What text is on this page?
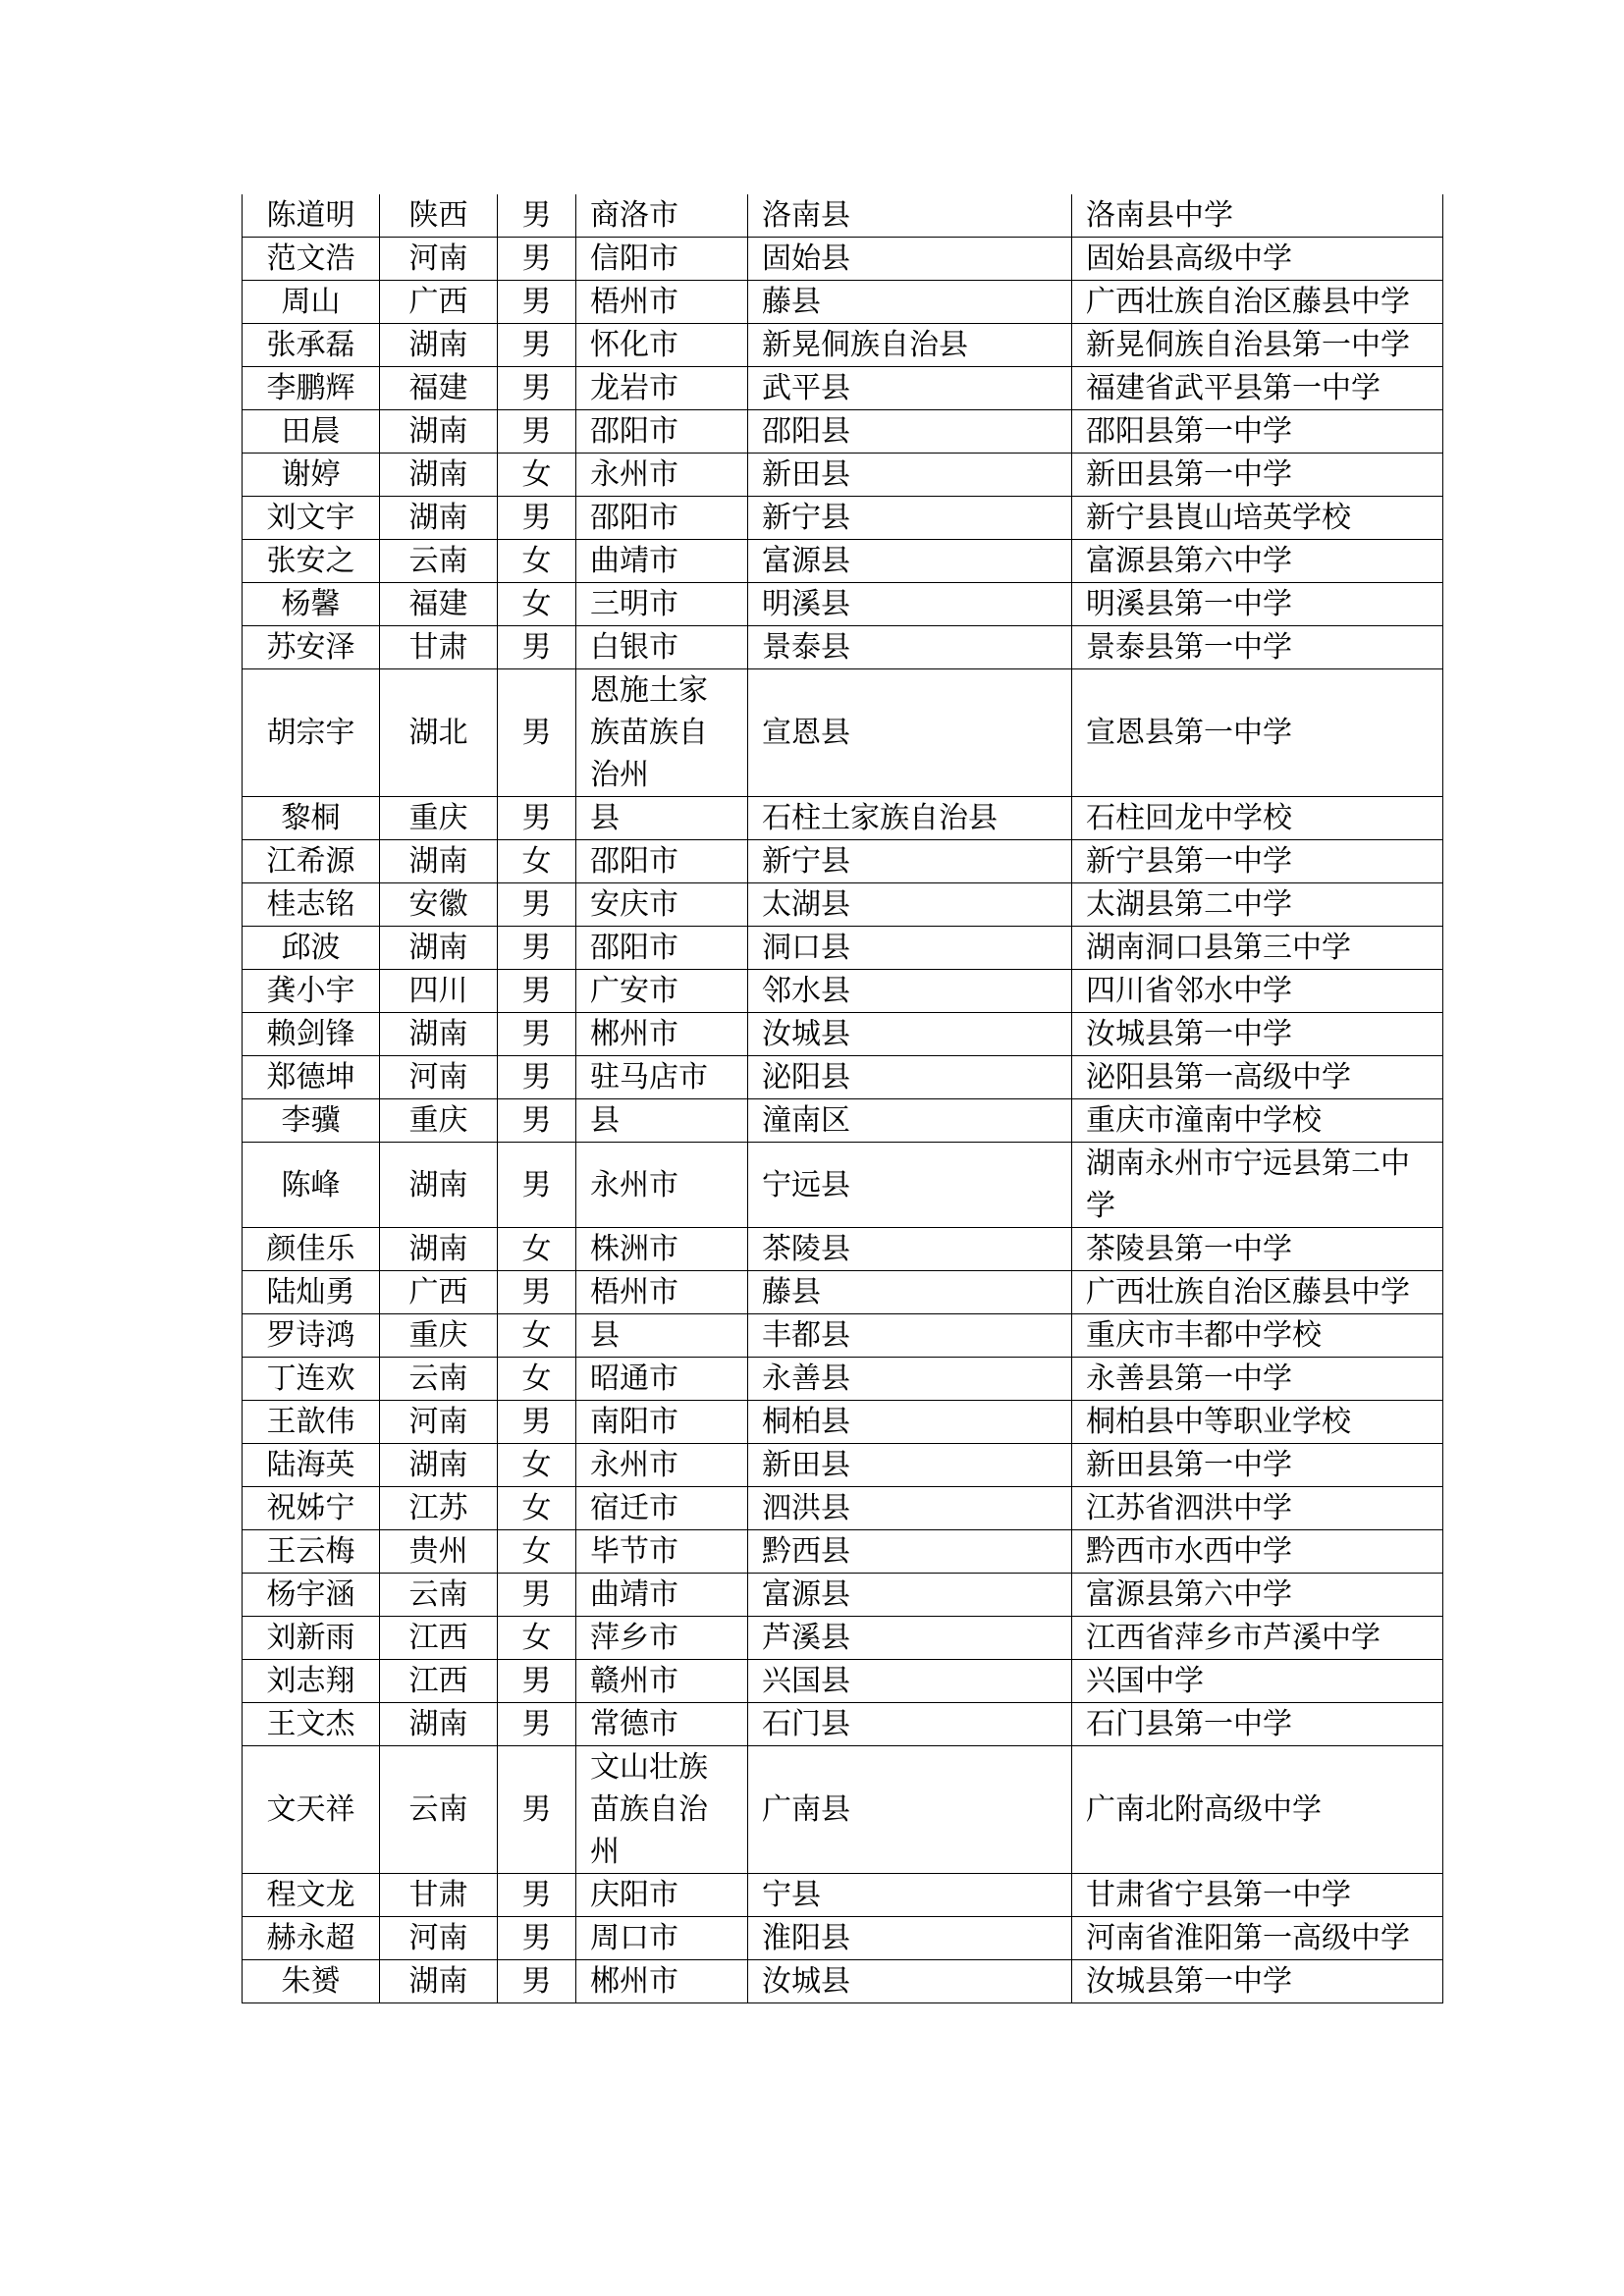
陈道明	陕西	男	商洛市	洛南县	洛南县中学
范文浩	河南	男	信阳市	固始县	固始县高级中学
周山	广西	男	梧州市	藤县	广西壮族自治区藤县中学
张承磊	湖南	男	怀化市	新晃侗族自治县	新晃侗族自治县第一中学
李鹏辉	福建	男	龙岩市	武平县	福建省武平县第一中学
田晨	湖南	男	邵阳市	邵阳县	邵阳县第一中学
谢婷	湖南	女	永州市	新田县	新田县第一中学
刘文宇	湖南	男	邵阳市	新宁县	新宁县崀山培英学校
张安之	云南	女	曲靖市	富源县	富源县第六中学
杨馨	福建	女	三明市	明溪县	明溪县第一中学
苏安泽	甘肃	男	白银市	景泰县	景泰县第一中学
胡宗宇	湖北	男	恩施土家族苗族自治州	宣恩县	宣恩县第一中学
黎桐	重庆	男	县	石柱土家族自治县	石柱回龙中学校
江希源	湖南	女	邵阳市	新宁县	新宁县第一中学
桂志铭	安徽	男	安庆市	太湖县	太湖县第二中学
邱波	湖南	男	邵阳市	洞口县	湖南洞口县第三中学
龚小宇	四川	男	广安市	邻水县	四川省邻水中学
赖剑锋	湖南	男	郴州市	汝城县	汝城县第一中学
郑德坤	河南	男	驻马店市	泌阳县	泌阳县第一高级中学
李骥	重庆	男	县	潼南区	重庆市潼南中学校
陈峰	湖南	男	永州市	宁远县	湖南永州市宁远县第二中学
颜佳乐	湖南	女	株洲市	茶陵县	茶陵县第一中学
陆灿勇	广西	男	梧州市	藤县	广西壮族自治区藤县中学
罗诗鸿	重庆	女	县	丰都县	重庆市丰都中学校
丁连欢	云南	女	昭通市	永善县	永善县第一中学
王歆伟	河南	男	南阳市	桐柏县	桐柏县中等职业学校
陆海英	湖南	女	永州市	新田县	新田县第一中学
祝姊宁	江苏	女	宿迁市	泗洪县	江苏省泗洪中学
王云梅	贵州	女	毕节市	黔西县	黔西市水西中学
杨宇涵	云南	男	曲靖市	富源县	富源县第六中学
刘新雨	江西	女	萍乡市	芦溪县	江西省萍乡市芦溪中学
刘志翔	江西	男	赣州市	兴国县	兴国中学
王文杰	湖南	男	常德市	石门县	石门县第一中学
文天祥	云南	男	文山壮族苗族自治州	广南县	广南北附高级中学
程文龙	甘肃	男	庆阳市	宁县	甘肃省宁县第一中学
赫永超	河南	男	周口市	淮阳县	河南省淮阳第一高级中学
朱赟	湖南	男	郴州市	汝城县	汝城县第一中学
